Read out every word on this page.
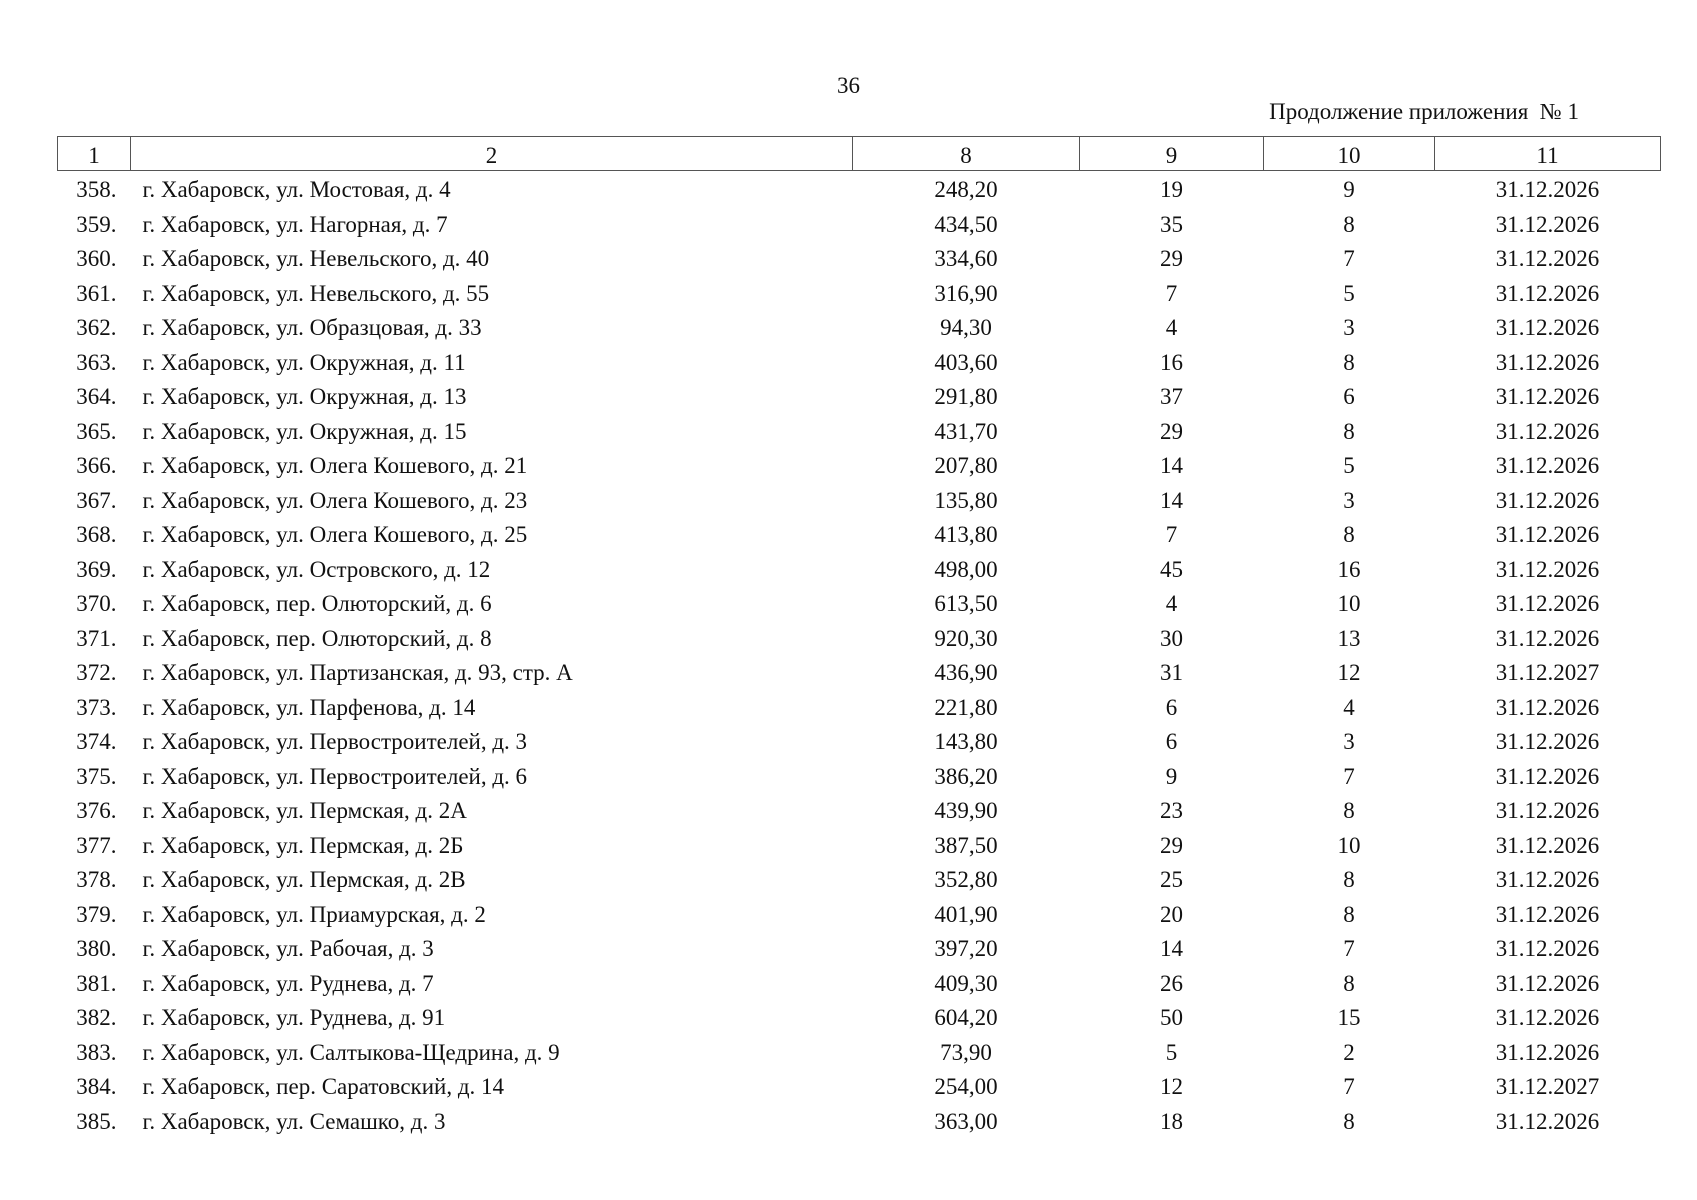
36
Продолжение приложения  № 1
1	2	8	9	10	11
358.	г. Хабаровск, ул. Мостовая, д. 4	248,20	19	9	31.12.2026
359.	г. Хабаровск, ул. Нагорная, д. 7	434,50	35	8	31.12.2026
360.	г. Хабаровск, ул. Невельского, д. 40	334,60	29	7	31.12.2026
361.	г. Хабаровск, ул. Невельского, д. 55	316,90	7	5	31.12.2026
362.	г. Хабаровск, ул. Образцовая, д. 33	94,30	4	3	31.12.2026
363.	г. Хабаровск, ул. Окружная, д. 11	403,60	16	8	31.12.2026
364.	г. Хабаровск, ул. Окружная, д. 13	291,80	37	6	31.12.2026
365.	г. Хабаровск, ул. Окружная, д. 15	431,70	29	8	31.12.2026
366.	г. Хабаровск, ул. Олега Кошевого, д. 21	207,80	14	5	31.12.2026
367.	г. Хабаровск, ул. Олега Кошевого, д. 23	135,80	14	3	31.12.2026
368.	г. Хабаровск, ул. Олега Кошевого, д. 25	413,80	7	8	31.12.2026
369.	г. Хабаровск, ул. Островского, д. 12	498,00	45	16	31.12.2026
370.	г. Хабаровск, пер. Олюторский, д. 6	613,50	4	10	31.12.2026
371.	г. Хабаровск, пер. Олюторский, д. 8	920,30	30	13	31.12.2026
372.	г. Хабаровск, ул. Партизанская, д. 93, стр. А	436,90	31	12	31.12.2027
373.	г. Хабаровск, ул. Парфенова, д. 14	221,80	6	4	31.12.2026
374.	г. Хабаровск, ул. Первостроителей, д. 3	143,80	6	3	31.12.2026
375.	г. Хабаровск, ул. Первостроителей, д. 6	386,20	9	7	31.12.2026
376.	г. Хабаровск, ул. Пермская, д. 2А	439,90	23	8	31.12.2026
377.	г. Хабаровск, ул. Пермская, д. 2Б	387,50	29	10	31.12.2026
378.	г. Хабаровск, ул. Пермская, д. 2В	352,80	25	8	31.12.2026
379.	г. Хабаровск, ул. Приамурская, д. 2	401,90	20	8	31.12.2026
380.	г. Хабаровск, ул. Рабочая, д. 3	397,20	14	7	31.12.2026
381.	г. Хабаровск, ул. Руднева, д. 7	409,30	26	8	31.12.2026
382.	г. Хабаровск, ул. Руднева, д. 91	604,20	50	15	31.12.2026
383.	г. Хабаровск, ул. Салтыкова-Щедрина, д. 9	73,90	5	2	31.12.2026
384.	г. Хабаровск, пер. Саратовский, д. 14	254,00	12	7	31.12.2027
385.	г. Хабаровск, ул. Семашко, д. 3	363,00	18	8	31.12.2026
